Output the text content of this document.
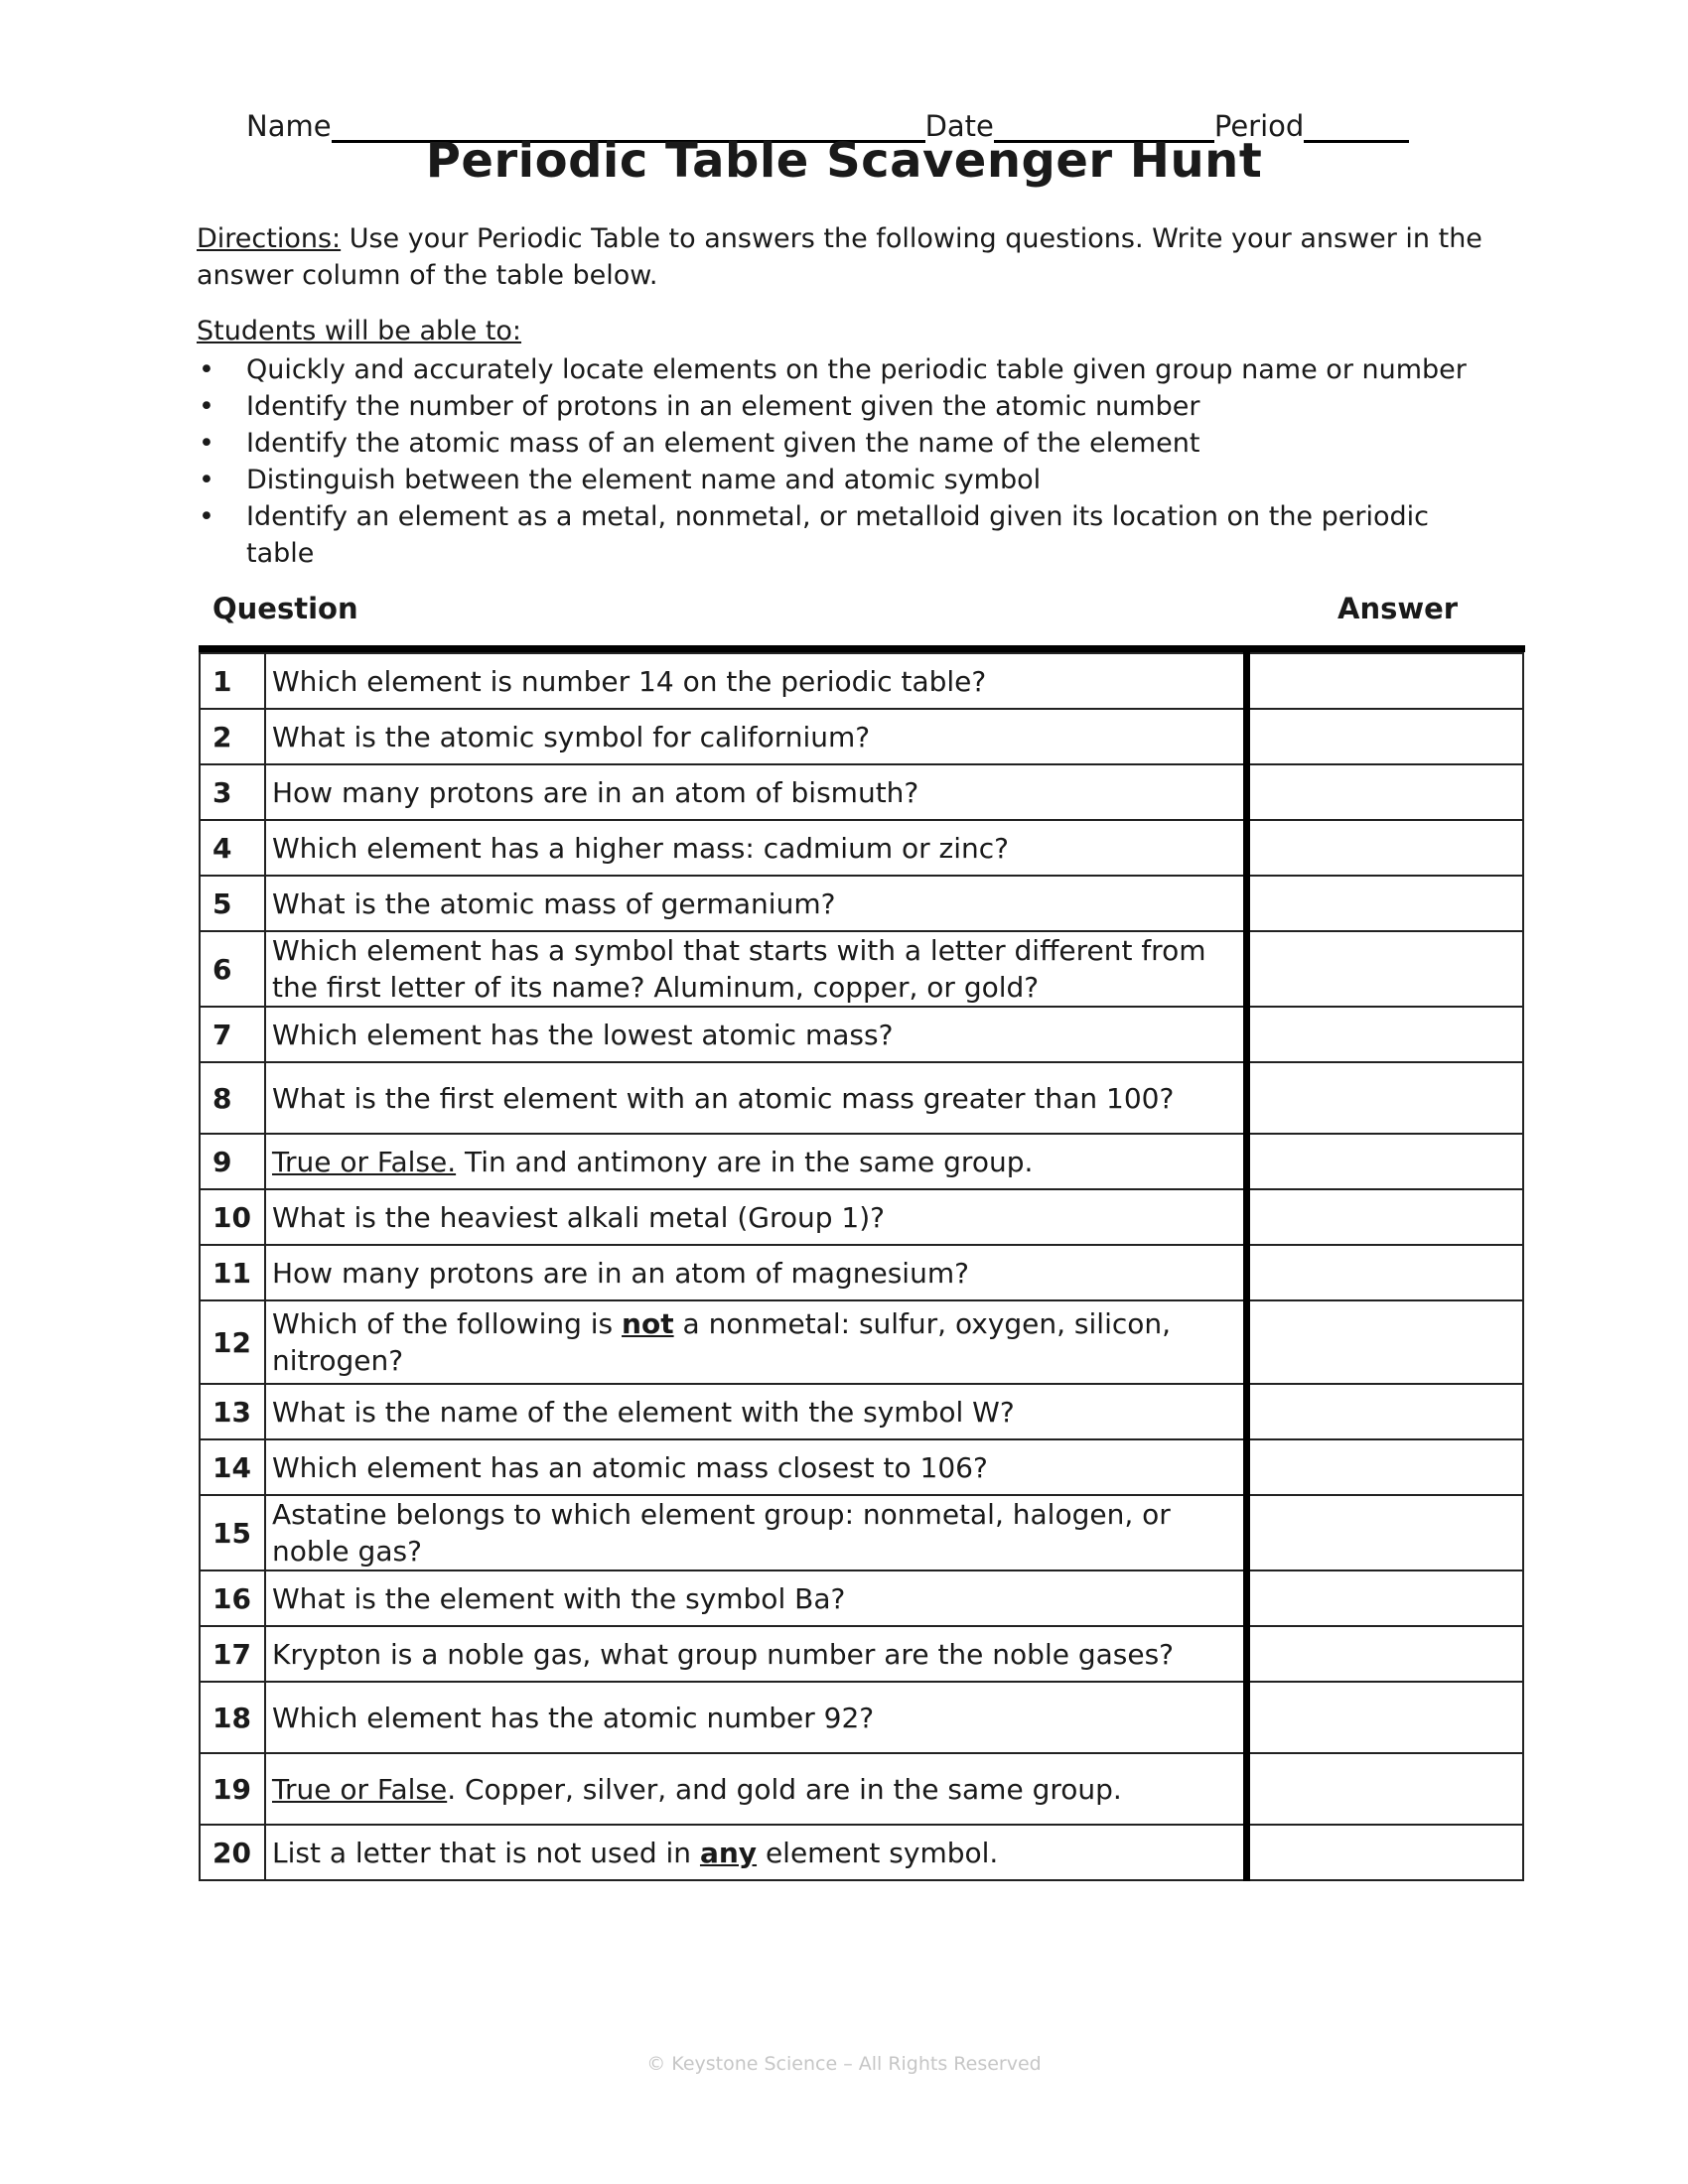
Name	Date	Period
Periodic Table Scavenger Hunt
Directions: Use your Periodic Table to answers the following questions. Write your answer in the answer column of the table below.
Students will be able to:
• Quickly and accurately locate elements on the periodic table given group name or number
• Identify the number of protons in an element given the atomic number
• Identify the atomic mass of an element given the name of the element
• Distinguish between the element name and atomic symbol
• Identify an element as a metal, nonmetal, or metalloid given its location on the periodic table
Question	Answer
1	Which element is number 14 on the periodic table?	
2	What is the atomic symbol for californium?	
3	How many protons are in an atom of bismuth?	
4	Which element has a higher mass: cadmium or zinc?	
5	What is the atomic mass of germanium?	
6	Which element has a symbol that starts with a letter different from the first letter of its name? Aluminum, copper, or gold?	
7	Which element has the lowest atomic mass?	
8	What is the first element with an atomic mass greater than 100?	
9	True or False. Tin and antimony are in the same group.	
10	What is the heaviest alkali metal (Group 1)?	
11	How many protons are in an atom of magnesium?	
12	Which of the following is not a nonmetal: sulfur, oxygen, silicon, nitrogen?	
13	What is the name of the element with the symbol W?	
14	Which element has an atomic mass closest to 106?	
15	Astatine belongs to which element group: nonmetal, halogen, or noble gas?	
16	What is the element with the symbol Ba?	
17	Krypton is a noble gas, what group number are the noble gases?	
18	Which element has the atomic number 92?	
19	True or False. Copper, silver, and gold are in the same group.	
20	List a letter that is not used in any element symbol.	
© Keystone Science – All Rights Reserved
